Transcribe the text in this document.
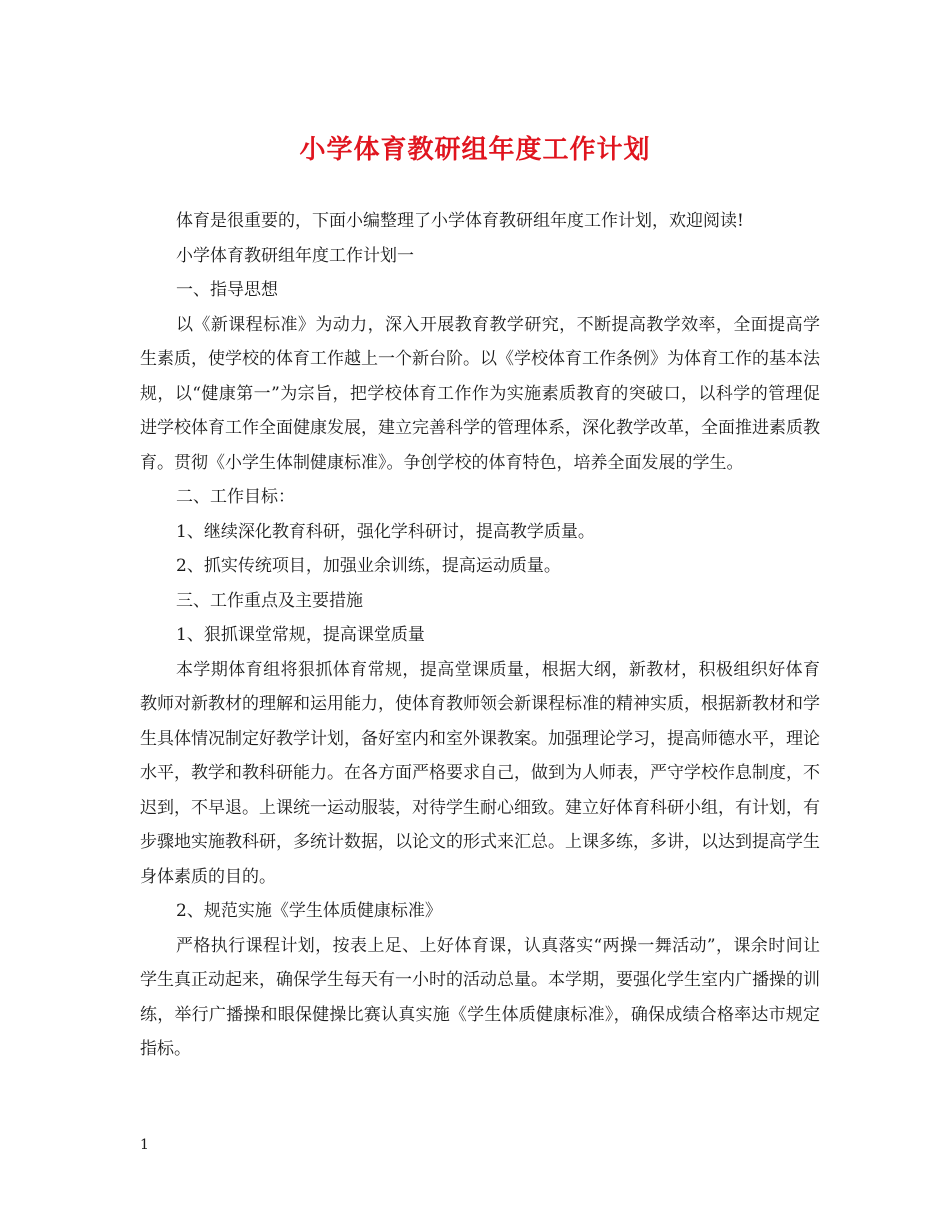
小学体育教研组年度工作计划

体育是很重要的，下面小编整理了小学体育教研组年度工作计划，欢迎阅读!

小学体育教研组年度工作计划一

一、指导思想

以《新课程标准》为动力，深入开展教育教学研究，不断提高教学效率，全面提高学生素质，使学校的体育工作越上一个新台阶。以《学校体育工作条例》为体育工作的基本法规，以“健康第一”为宗旨，把学校体育工作作为实施素质教育的突破口，以科学的管理促进学校体育工作全面健康发展，建立完善科学的管理体系，深化教学改革，全面推进素质教育。贯彻《小学生体制健康标准》。争创学校的体育特色，培养全面发展的学生。

二、工作目标：

1、继续深化教育科研，强化学科研讨，提高教学质量。

2、抓实传统项目，加强业余训练，提高运动质量。

三、工作重点及主要措施

1、狠抓课堂常规，提高课堂质量

本学期体育组将狠抓体育常规，提高堂课质量，根据大纲，新教材，积极组织好体育教师对新教材的理解和运用能力，使体育教师领会新课程标准的精神实质，根据新教材和学生具体情况制定好教学计划，备好室内和室外课教案。加强理论学习，提高师德水平，理论水平，教学和教科研能力。在各方面严格要求自己，做到为人师表，严守学校作息制度，不迟到，不早退。上课统一运动服装，对待学生耐心细致。建立好体育科研小组，有计划，有步骤地实施教科研，多统计数据，以论文的形式来汇总。上课多练，多讲，以达到提高学生身体素质的目的。

2、规范实施《学生体质健康标准》

严格执行课程计划，按表上足、上好体育课，认真落实“两操一舞活动”，课余时间让学生真正动起来，确保学生每天有一小时的活动总量。本学期，要强化学生室内广播操的训练，举行广播操和眼保健操比赛认真实施《学生体质健康标准》，确保成绩合格率达市规定指标。

1
